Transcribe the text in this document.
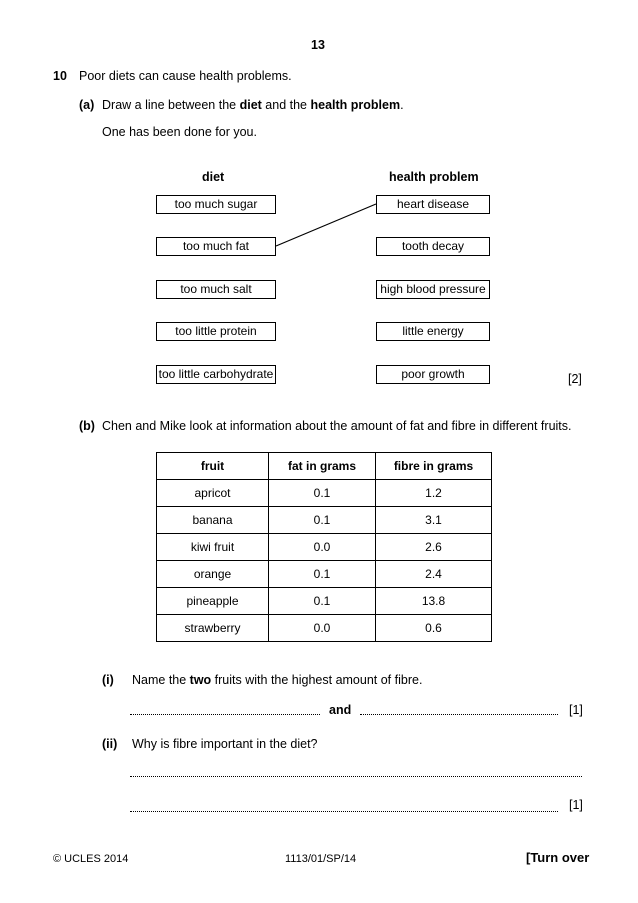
13
10 Poor diets can cause health problems.
(a) Draw a line between the diet and the health problem.
One has been done for you.
diet	health problem
too much sugar
too much fat
too much salt
too little protein
too little carbohydrate
heart disease
tooth decay
high blood pressure
little energy
poor growth	[2]
(b) Chen and Mike look at information about the amount of fat and fibre in different fruits.
fruit	fat in grams	fibre in grams
apricot	0.1	1.2
banana	0.1	3.1
kiwi fruit	0.0	2.6
orange	0.1	2.4
pineapple	0.1	13.8
strawberry	0.0	0.6
(i) Name the two fruits with the highest amount of fibre.
and	[1]
(ii) Why is fibre important in the diet?
[1]
© UCLES 2014	1113/01/SP/14	[Turn over
